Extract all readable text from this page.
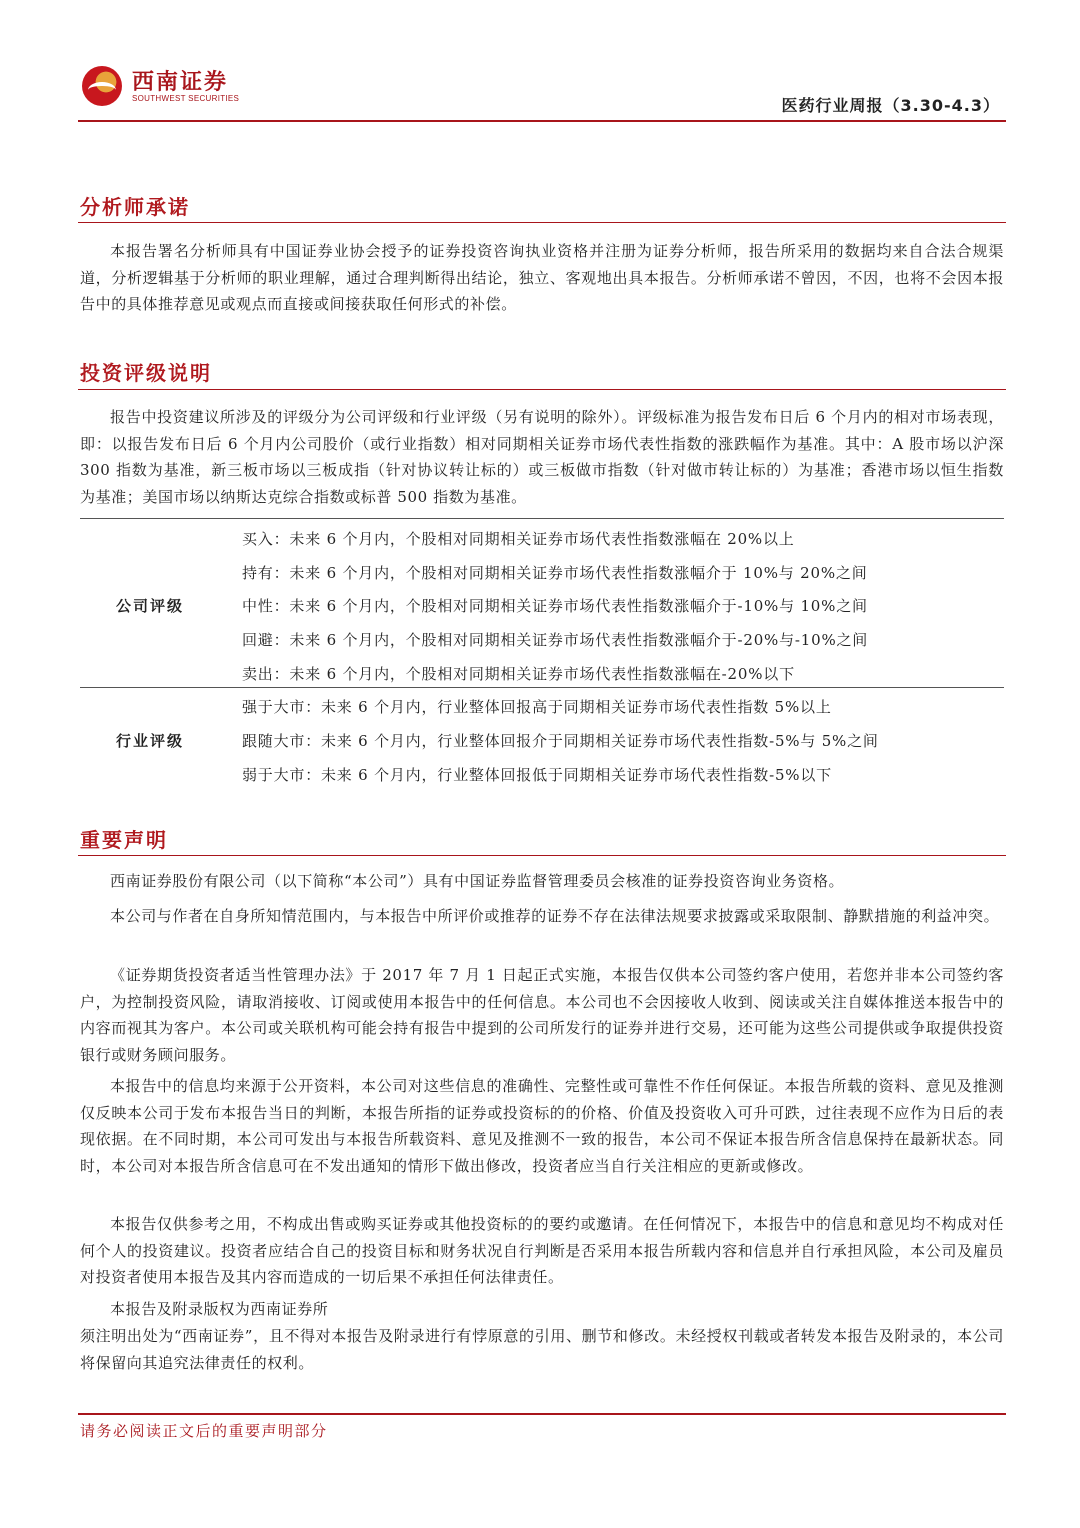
西南证券
SOUTHWEST SECURITIES	医药行业周报（3.30-4.3）
分析师承诺

本报告署名分析师具有中国证券业协会授予的证券投资咨询执业资格并注册为证券分析师，报告所采用的数据均来自合法合规渠道，分析逻辑基于分析师的职业理解，通过合理判断得出结论，独立、客观地出具本报告。分析师承诺不曾因，不因，也将不会因本报告中的具体推荐意见或观点而直接或间接获取任何形式的补偿。

投资评级说明

报告中投资建议所涉及的评级分为公司评级和行业评级（另有说明的除外）。评级标准为报告发布日后 6 个月内的相对市场表现，即：以报告发布日后 6 个月内公司股价（或行业指数）相对同期相关证券市场代表性指数的涨跌幅作为基准。其中：A 股市场以沪深 300 指数为基准，新三板市场以三板成指（针对协议转让标的）或三板做市指数（针对做市转让标的）为基准；香港市场以恒生指数为基准；美国市场以纳斯达克综合指数或标普 500 指数为基准。

公司评级
买入：未来 6 个月内，个股相对同期相关证券市场代表性指数涨幅在 20%以上
持有：未来 6 个月内，个股相对同期相关证券市场代表性指数涨幅介于 10%与 20%之间
中性：未来 6 个月内，个股相对同期相关证券市场代表性指数涨幅介于-10%与 10%之间
回避：未来 6 个月内，个股相对同期相关证券市场代表性指数涨幅介于-20%与-10%之间
卖出：未来 6 个月内，个股相对同期相关证券市场代表性指数涨幅在-20%以下
行业评级
强于大市：未来 6 个月内，行业整体回报高于同期相关证券市场代表性指数 5%以上
跟随大市：未来 6 个月内，行业整体回报介于同期相关证券市场代表性指数-5%与 5%之间
弱于大市：未来 6 个月内，行业整体回报低于同期相关证券市场代表性指数-5%以下
重要声明

西南证券股份有限公司（以下简称“本公司”）具有中国证券监督管理委员会核准的证券投资咨询业务资格。

本公司与作者在自身所知情范围内，与本报告中所评价或推荐的证券不存在法律法规要求披露或采取限制、静默措施的利益冲突。

《证券期货投资者适当性管理办法》于 2017 年 7 月 1 日起正式实施，本报告仅供本公司签约客户使用，若您并非本公司签约客户，为控制投资风险，请取消接收、订阅或使用本报告中的任何信息。本公司也不会因接收人收到、阅读或关注自媒体推送本报告中的内容而视其为客户。本公司或关联机构可能会持有报告中提到的公司所发行的证券并进行交易，还可能为这些公司提供或争取提供投资银行或财务顾问服务。

本报告中的信息均来源于公开资料，本公司对这些信息的准确性、完整性或可靠性不作任何保证。本报告所载的资料、意见及推测仅反映本公司于发布本报告当日的判断，本报告所指的证券或投资标的的价格、价值及投资收入可升可跌，过往表现不应作为日后的表现依据。在不同时期，本公司可发出与本报告所载资料、意见及推测不一致的报告，本公司不保证本报告所含信息保持在最新状态。同时，本公司对本报告所含信息可在不发出通知的情形下做出修改，投资者应当自行关注相应的更新或修改。

本报告仅供参考之用，不构成出售或购买证券或其他投资标的的要约或邀请。在任何情况下，本报告中的信息和意见均不构成对任何个人的投资建议。投资者应结合自己的投资目标和财务状况自行判断是否采用本报告所载内容和信息并自行承担风险，本公司及雇员对投资者使用本报告及其内容而造成的一切后果不承担任何法律责任。

本报告及附录版权为西南证券所

须注明出处为“西南证券”，且不得对本报告及附录进行有悖原意的引用、删节和修改。未经授权刊载或者转发本报告及附录的，本公司将保留向其追究法律责任的权利。

请务必阅读正文后的重要声明部分
